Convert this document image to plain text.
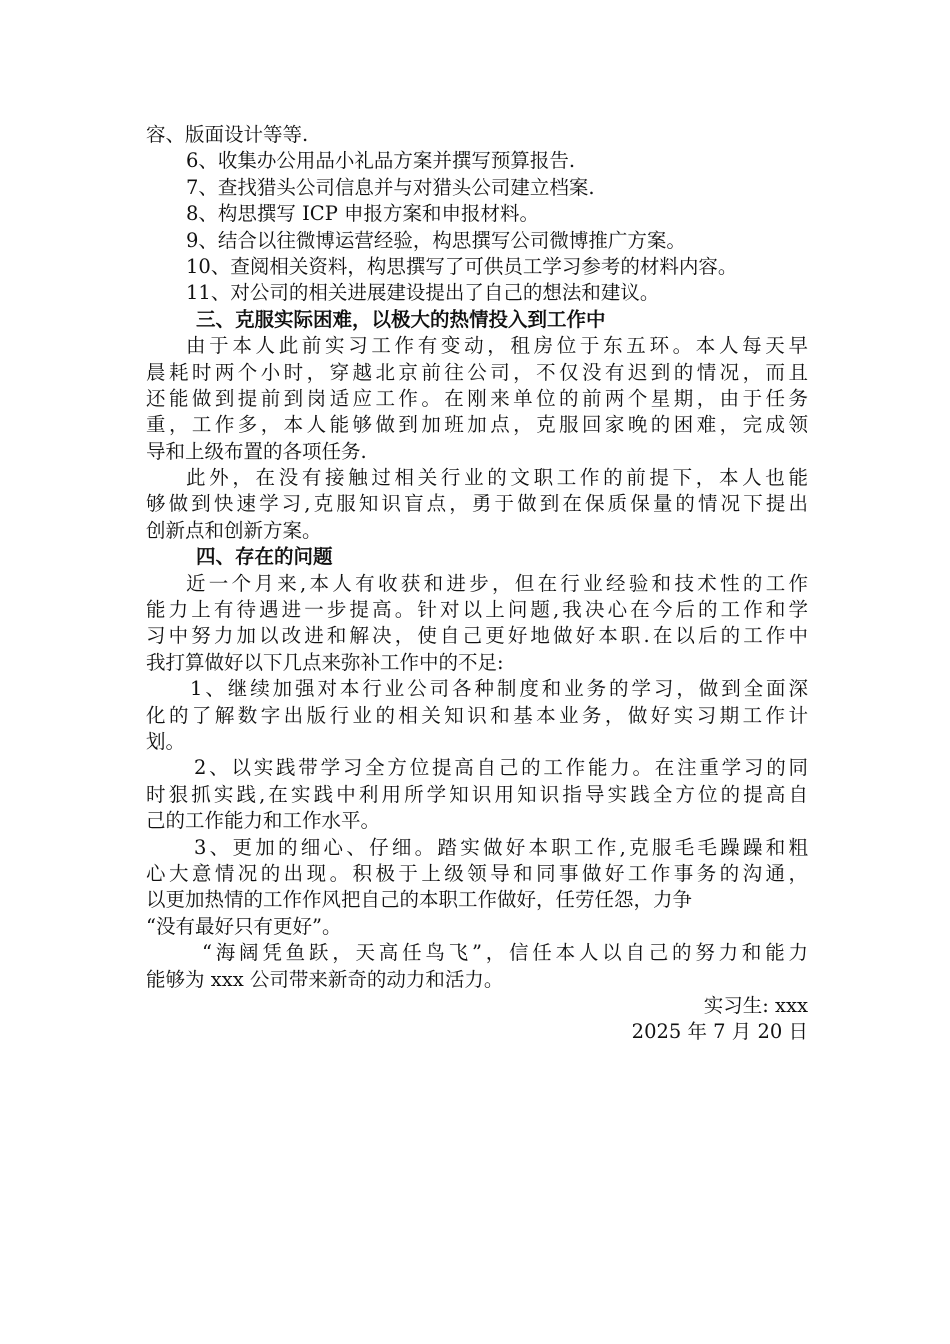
容、版面设计等等.
6、收集办公用品小礼品方案并撰写预算报告.
7、查找猎头公司信息并与对猎头公司建立档案.
8、构思撰写 ICP 申报方案和申报材料。
9、结合以往微博运营经验，构思撰写公司微博推广方案。
10、查阅相关资料，构思撰写了可供员工学习参考的材料内容。
11、对公司的相关进展建设提出了自己的想法和建议。
三、克服实际困难，以极大的热情投入到工作中
由于本人此前实习工作有变动，租房位于东五环。本人每天早
晨耗时两个小时，穿越北京前往公司，不仅没有迟到的情况，而且
还能做到提前到岗适应工作。在刚来单位的前两个星期，由于任务
重，工作多，本人能够做到加班加点，克服回家晚的困难，完成领
导和上级布置的各项任务.
此外，在没有接触过相关行业的文职工作的前提下，本人也能
够做到快速学习,克服知识盲点，勇于做到在保质保量的情况下提出
创新点和创新方案。
四、存在的问题
近一个月来,本人有收获和进步，但在行业经验和技术性的工作
能力上有待遇进一步提高。针对以上问题,我决心在今后的工作和学
习中努力加以改进和解决，使自己更好地做好本职.在以后的工作中
我打算做好以下几点来弥补工作中的不足:
1、继续加强对本行业公司各种制度和业务的学习，做到全面深
化的了解数字出版行业的相关知识和基本业务，做好实习期工作计
划。
2、以实践带学习全方位提高自己的工作能力。在注重学习的同
时狠抓实践,在实践中利用所学知识用知识指导实践全方位的提高自
己的工作能力和工作水平。
3、更加的细心、仔细。踏实做好本职工作,克服毛毛躁躁和粗
心大意情况的出现。积极于上级领导和同事做好工作事务的沟通，
以更加热情的工作作风把自己的本职工作做好，任劳任怨，力争
“没有最好只有更好”。
“海阔凭鱼跃，天高任鸟飞”，信任本人以自己的努力和能力
能够为 xxx 公司带来新奇的动力和活力。
实习生: xxx
2025 年 7 月 20 日
